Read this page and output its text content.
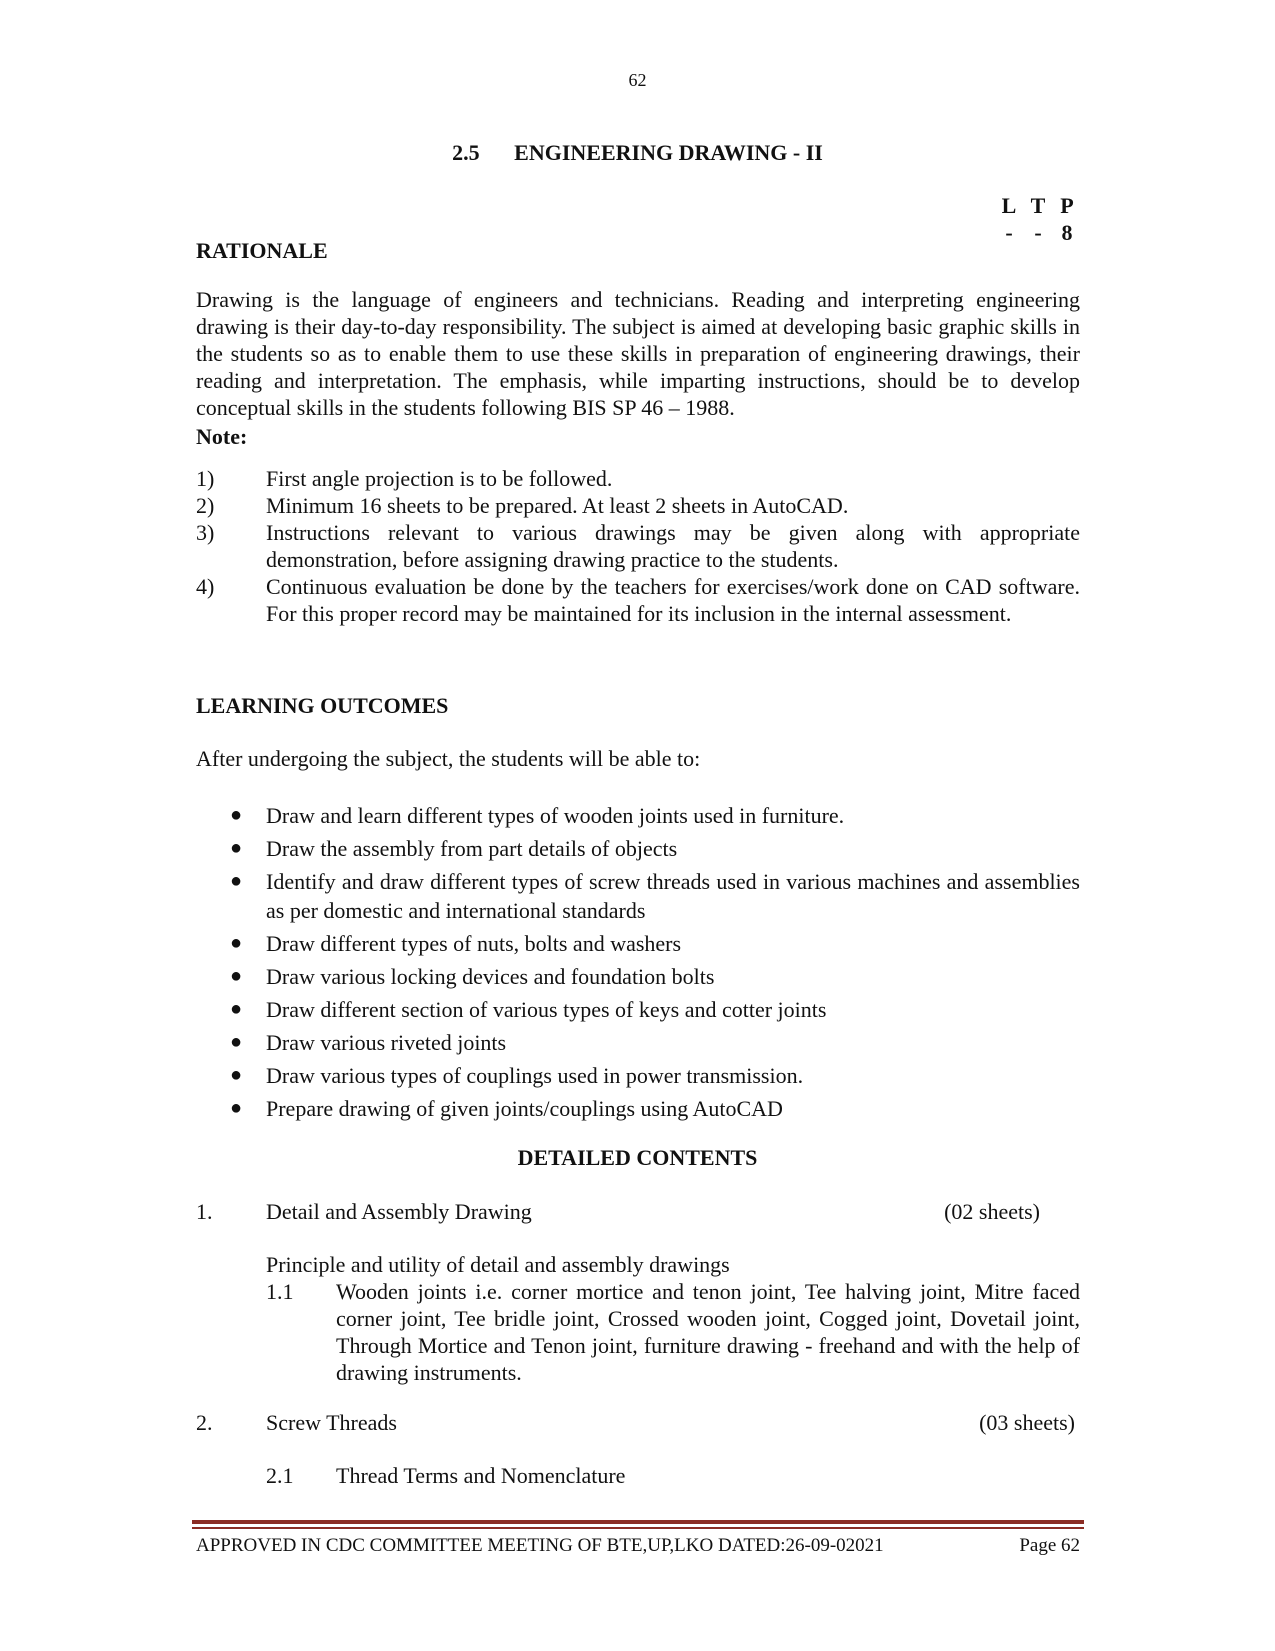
62
2.5 ENGINEERING DRAWING - II
L T P
- - 8
RATIONALE
Drawing is the language of engineers and technicians. Reading and interpreting engineering drawing is their day-to-day responsibility. The subject is aimed at developing basic graphic skills in the students so as to enable them to use these skills in preparation of engineering drawings, their reading and interpretation. The emphasis, while imparting instructions, should be to develop conceptual skills in the students following BIS SP 46 – 1988.
Note:
1)	First angle projection is to be followed.
2)	Minimum 16 sheets to be prepared. At least 2 sheets in AutoCAD.
3)	Instructions relevant to various drawings may be given along with appropriate demonstration, before assigning drawing practice to the students.
4)	Continuous evaluation be done by the teachers for exercises/work done on CAD software. For this proper record may be maintained for its inclusion in the internal assessment.
LEARNING OUTCOMES
After undergoing the subject, the students will be able to:
●	Draw and learn different types of wooden joints used in furniture.
●	Draw the assembly from part details of objects
●	Identify and draw different types of screw threads used in various machines and assemblies as per domestic and international standards
●	Draw different types of nuts, bolts and washers
●	Draw various locking devices and foundation bolts
●	Draw different section of various types of keys and cotter joints
●	Draw various riveted joints
●	Draw various types of couplings used in power transmission.
●	Prepare drawing of given joints/couplings using AutoCAD
DETAILED CONTENTS
1.	Detail and Assembly Drawing	(02 sheets)
Principle and utility of detail and assembly drawings
1.1	Wooden joints i.e. corner mortice and tenon joint, Tee halving joint, Mitre faced corner joint, Tee bridle joint, Crossed wooden joint, Cogged joint, Dovetail joint, Through Mortice and Tenon joint, furniture drawing - freehand and with the help of drawing instruments.
2.	Screw Threads	(03 sheets)
2.1	Thread Terms and Nomenclature
APPROVED IN CDC COMMITTEE MEETING OF BTE,UP,LKO DATED:26-09-02021	Page 62
